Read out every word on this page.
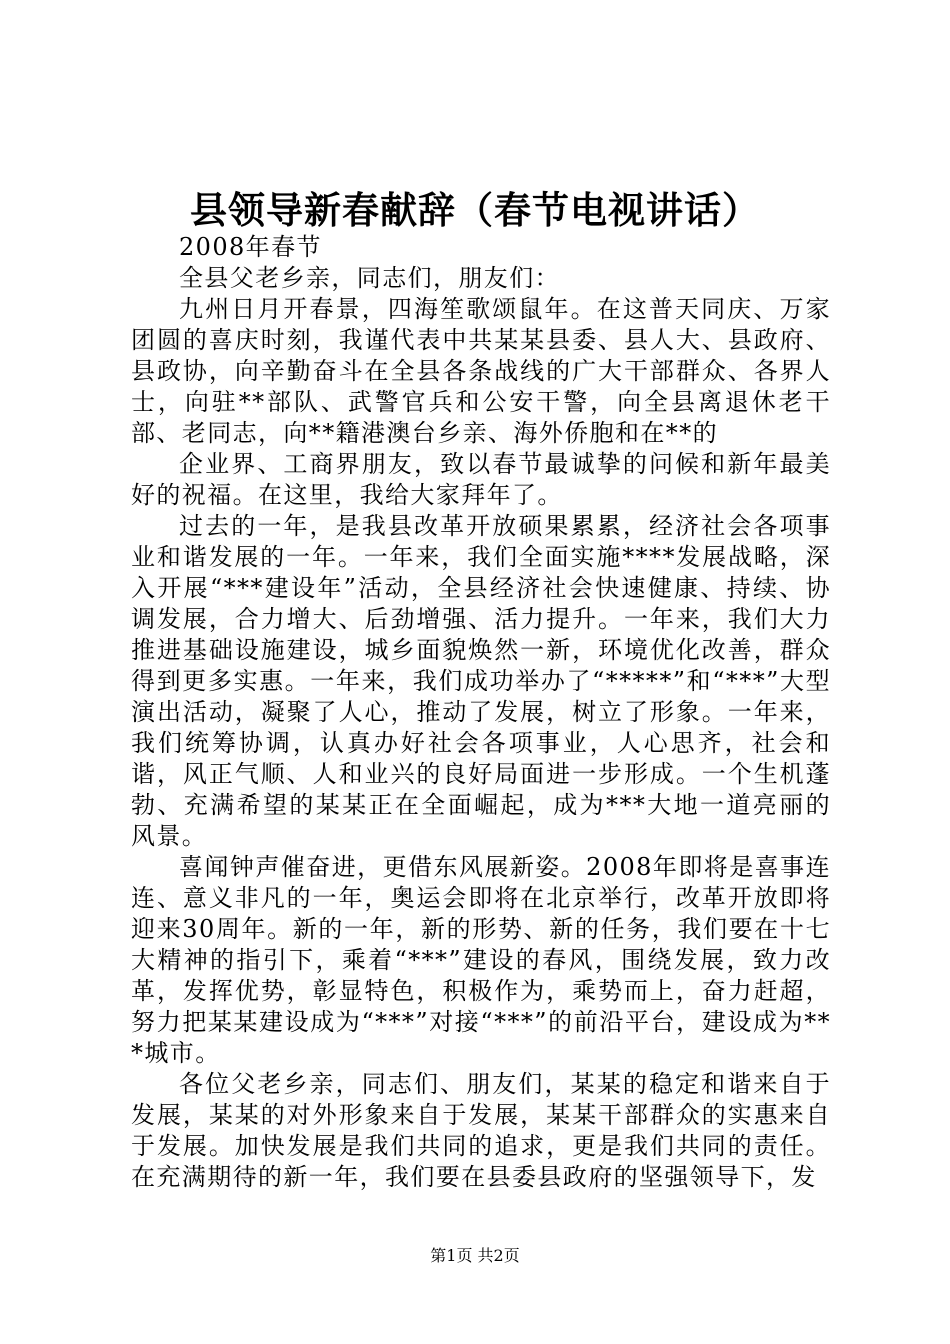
县领导新春献辞（春节电视讲话）

2008年春节

全县父老乡亲，同志们，朋友们：

九州日月开春景，四海笙歌颂鼠年。在这普天同庆、万家团圆的喜庆时刻，我谨代表中共某某县委、县人大、县政府、县政协，向辛勤奋斗在全县各条战线的广大干部群众、各界人士，向驻**部队、武警官兵和公安干警，向全县离退休老干部、老同志，向**籍港澳台乡亲、海外侨胞和在**的

企业界、工商界朋友，致以春节最诚挚的问候和新年最美好的祝福。在这里，我给大家拜年了。

过去的一年，是我县改革开放硕果累累，经济社会各项事业和谐发展的一年。一年来，我们全面实施****发展战略，深入开展“***建设年”活动，全县经济社会快速健康、持续、协调发展，合力增大、后劲增强、活力提升。一年来，我们大力推进基础设施建设，城乡面貌焕然一新，环境优化改善，群众得到更多实惠。一年来，我们成功举办了“*****”和“***”大型演出活动，凝聚了人心，推动了发展，树立了形象。一年来，我们统筹协调，认真办好社会各项事业，人心思齐，社会和谐，风正气顺、人和业兴的良好局面进一步形成。一个生机蓬勃、充满希望的某某正在全面崛起，成为***大地一道亮丽的风景。

喜闻钟声催奋进，更借东风展新姿。2008年即将是喜事连连、意义非凡的一年，奥运会即将在北京举行，改革开放即将迎来30周年。新的一年，新的形势、新的任务，我们要在十七大精神的指引下，乘着“***”建设的春风，围绕发展，致力改革，发挥优势，彰显特色，积极作为，乘势而上，奋力赶超，努力把某某建设成为“***”对接“***”的前沿平台，建设成为***城市。

各位父老乡亲，同志们、朋友们，某某的稳定和谐来自于发展，某某的对外形象来自于发展，某某干部群众的实惠来自于发展。加快发展是我们共同的追求，更是我们共同的责任。在充满期待的新一年，我们要在县委县政府的坚强领导下，发

第1页 共2页
